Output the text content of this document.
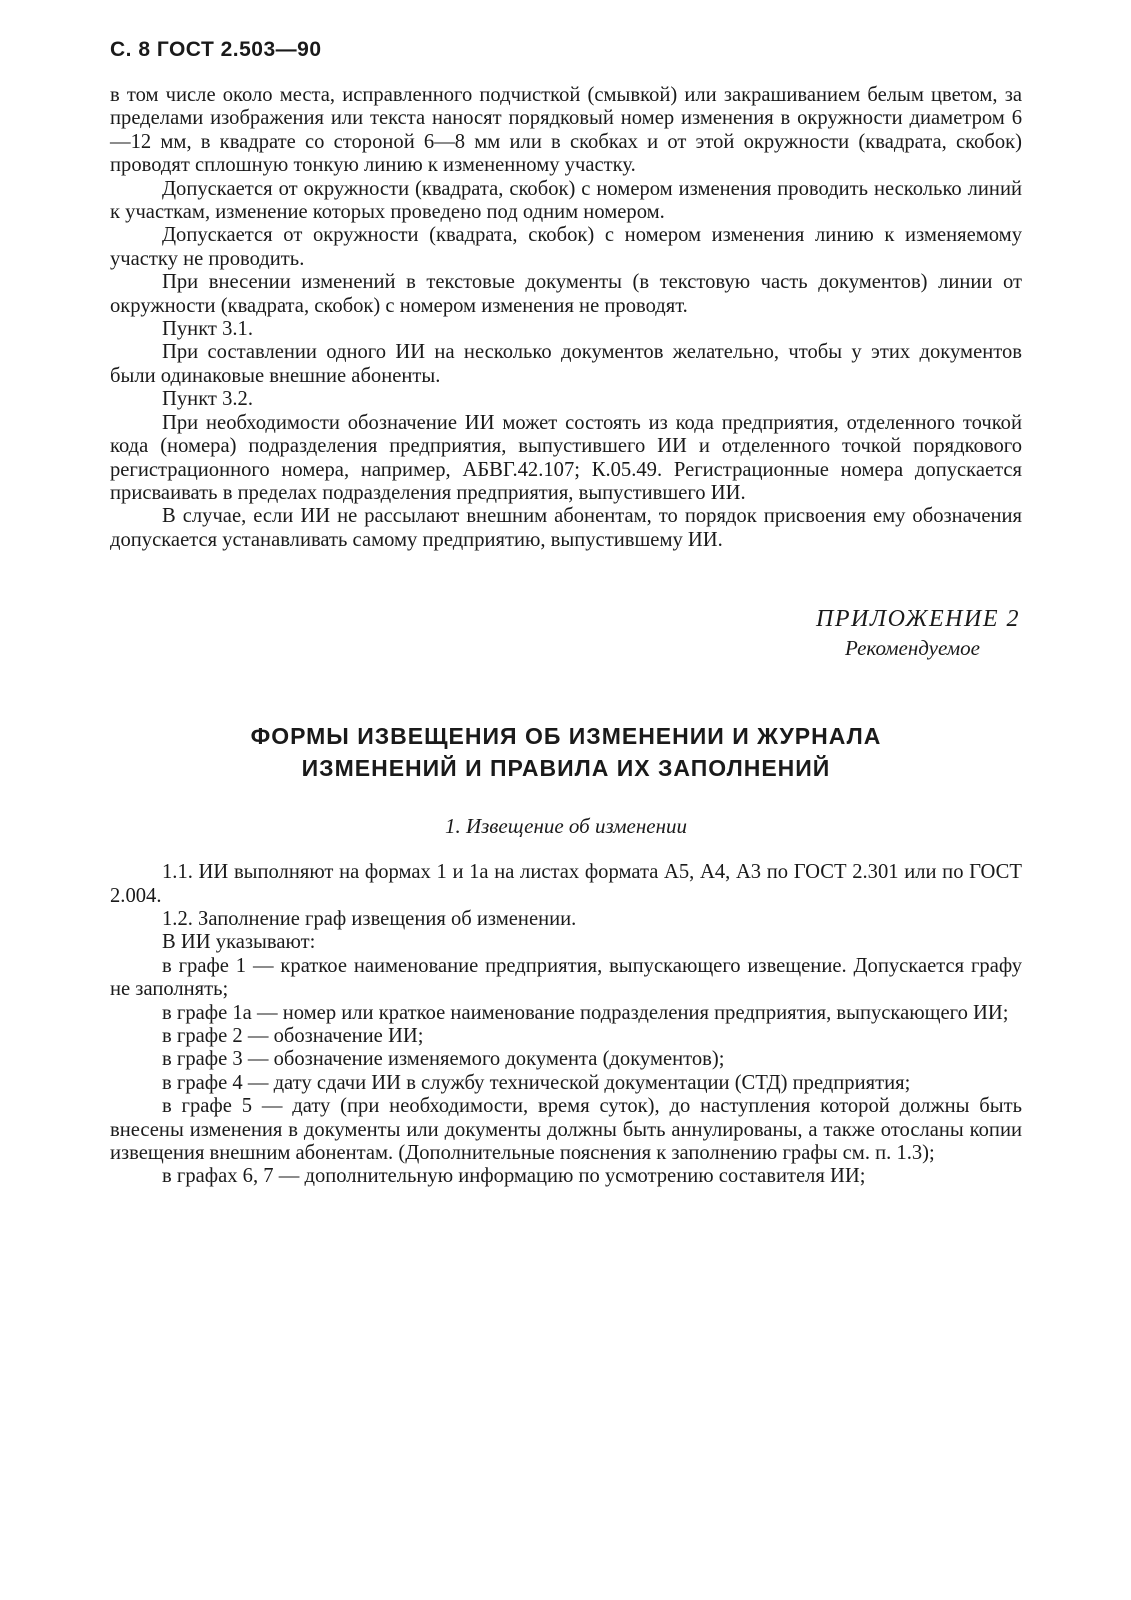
С. 8 ГОСТ 2.503—90

в том числе около места, исправленного подчисткой (смывкой) или закрашиванием белым цветом, за пределами изображения или текста наносят порядковый номер изменения в окружности диаметром 6—12 мм, в квадрате со стороной 6—8 мм или в скобках и от этой окружности (квадрата, скобок) проводят сплошную тонкую линию к измененному участку.

Допускается от окружности (квадрата, скобок) с номером изменения проводить несколько линий к участкам, изменение которых проведено под одним номером.

Допускается от окружности (квадрата, скобок) с номером изменения линию к изменяемому участку не проводить.

При внесении изменений в текстовые документы (в текстовую часть документов) линии от окружности (квадрата, скобок) с номером изменения не проводят.

Пункт 3.1.

При составлении одного ИИ на несколько документов желательно, чтобы у этих документов были одинаковые внешние абоненты.

Пункт 3.2.

При необходимости обозначение ИИ может состоять из кода предприятия, отделенного точкой кода (номера) подразделения предприятия, выпустившего ИИ и отделенного точкой порядкового регистрационного номера, например, АБВГ.42.107; К.05.49. Регистрационные номера допускается присваивать в пределах подразделения предприятия, выпустившего ИИ.

В случае, если ИИ не рассылают внешним абонентам, то порядок присвоения ему обозначения допускается устанавливать самому предприятию, выпустившему ИИ.

ПРИЛОЖЕНИЕ 2
Рекомендуемое
ФОРМЫ ИЗВЕЩЕНИЯ ОБ ИЗМЕНЕНИИ И ЖУРНАЛА
ИЗМЕНЕНИЙ И ПРАВИЛА ИХ ЗАПОЛНЕНИЙ
1. Извещение об изменении

1.1. ИИ выполняют на формах 1 и 1а на листах формата А5, А4, А3 по ГОСТ 2.301 или по ГОСТ 2.004.

1.2. Заполнение граф извещения об изменении.

В ИИ указывают:

в графе 1 — краткое наименование предприятия, выпускающего извещение. Допускается графу не заполнять;

в графе 1а — номер или краткое наименование подразделения предприятия, выпускающего ИИ;

в графе 2 — обозначение ИИ;

в графе 3 — обозначение изменяемого документа (документов);

в графе 4 — дату сдачи ИИ в службу технической документации (СТД) предприятия;

в графе 5 — дату (при необходимости, время суток), до наступления которой должны быть внесены изменения в документы или документы должны быть аннулированы, а также отосланы копии извещения внешним абонентам. (Дополнительные пояснения к заполнению графы см. п. 1.3);

в графах 6, 7 — дополнительную информацию по усмотрению составителя ИИ;
